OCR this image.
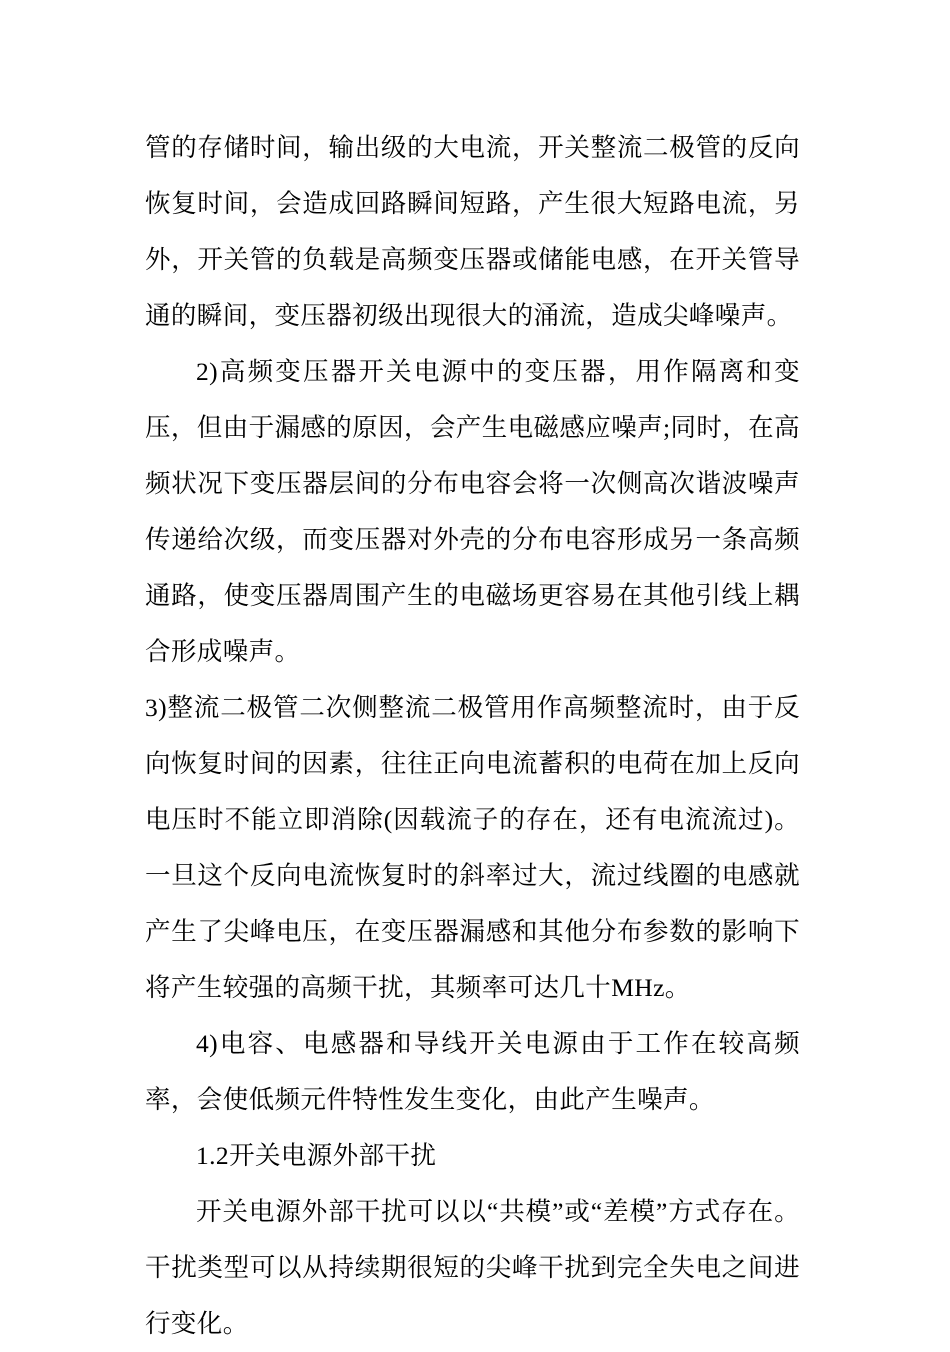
管的存储时间，输出级的大电流，开关整流二极管的反向恢复时间，会造成回路瞬间短路，产生很大短路电流，另外，开关管的负载是高频变压器或储能电感，在开关管导通的瞬间，变压器初级出现很大的涌流，造成尖峰噪声。

2)高频变压器开关电源中的变压器，用作隔离和变压，但由于漏感的原因，会产生电磁感应噪声;同时，在高频状况下变压器层间的分布电容会将一次侧高次谐波噪声传递给次级，而变压器对外壳的分布电容形成另一条高频通路，使变压器周围产生的电磁场更容易在其他引线上耦合形成噪声。

3)整流二极管二次侧整流二极管用作高频整流时，由于反向恢复时间的因素，往往正向电流蓄积的电荷在加上反向电压时不能立即消除(因载流子的存在，还有电流流过)。一旦这个反向电流恢复时的斜率过大，流过线圈的电感就产生了尖峰电压，在变压器漏感和其他分布参数的影响下将产生较强的高频干扰，其频率可达几十MHz。

4)电容、电感器和导线开关电源由于工作在较高频率，会使低频元件特性发生变化，由此产生噪声。

1.2开关电源外部干扰

开关电源外部干扰可以以“共模”或“差模”方式存在。干扰类型可以从持续期很短的尖峰干扰到完全失电之间进行变化。
